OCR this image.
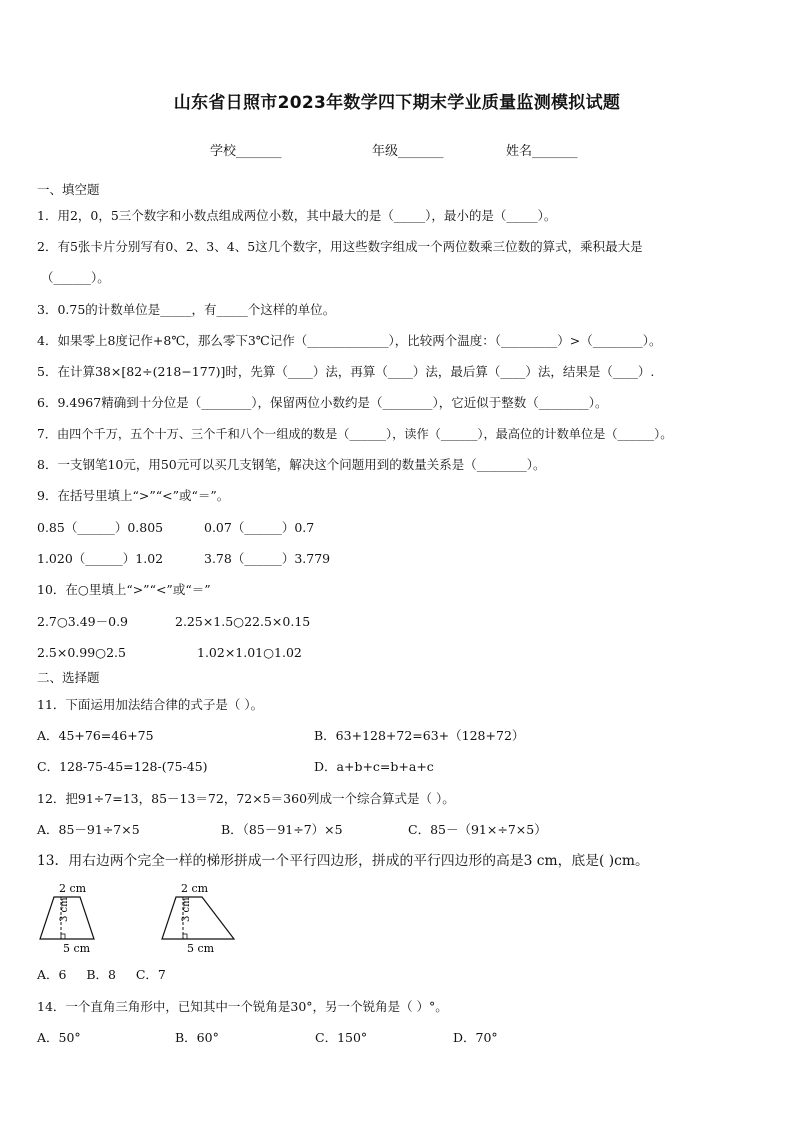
山东省日照市2023年数学四下期末学业质量监测模拟试题
学校_______	年级_______	姓名_______
一、填空题
1．用2，0，5三个数字和小数点组成两位小数，其中最大的是（_____），最小的是（_____）。
2．有5张卡片分别写有0、2、3、4、5这几个数字，用这些数字组成一个两位数乘三位数的算式，乘积最大是
（______）。
3．0.75的计数单位是_____，有_____个这样的单位。
4．如果零上8度记作+8℃，那么零下3℃记作（_____________），比较两个温度：（_________）>（________）。
5．在计算38×[82÷(218−177)]时，先算（____）法，再算（____）法，最后算（____）法，结果是（____）.
6．9.4967精确到十分位是（________），保留两位小数约是（________），它近似于整数（________）。
7．由四个千万，五个十万、三个千和八个一组成的数是（______），读作（______），最高位的计数单位是（______）。
8．一支钢笔10元，用50元可以买几支钢笔，解决这个问题用到的数量关系是（________）。
9．在括号里填上“>”“<”或“＝”。
0.85（______）0.805	0.07（______）0.7
1.020（______）1.02	3.78（______）3.779
10．在○里填上“>”“<”或“＝”
2.7○3.49－0.9	2.25×1.5○22.5×0.15
2.5×0.99○2.5	1.02×1.01○1.02
二、选择题
11．下面运用加法结合律的式子是（ ）。
A．45+76=46+75	B．63+128+72=63+（128+72）
C．128-75-45=128-(75-45)	D．a+b+c=b+a+c
12．把91÷7=13，85－13＝72，72×5＝360列成一个综合算式是（ ）。
A．85－91÷7×5	B．（85－91÷7）×5	C．85－（91×÷7×5）
13．用右边两个完全一样的梯形拼成一个平行四边形，拼成的平行四边形的高是3 cm，底是( )cm。
2 cm
3 cm
5 cm
2 cm
3 cm
5 cm
A．6     B．8     C．7
14．一个直角三角形中，已知其中一个锐角是30°，另一个锐角是（ ）°。
A．50°	B．60°	C．150°	D．70°
